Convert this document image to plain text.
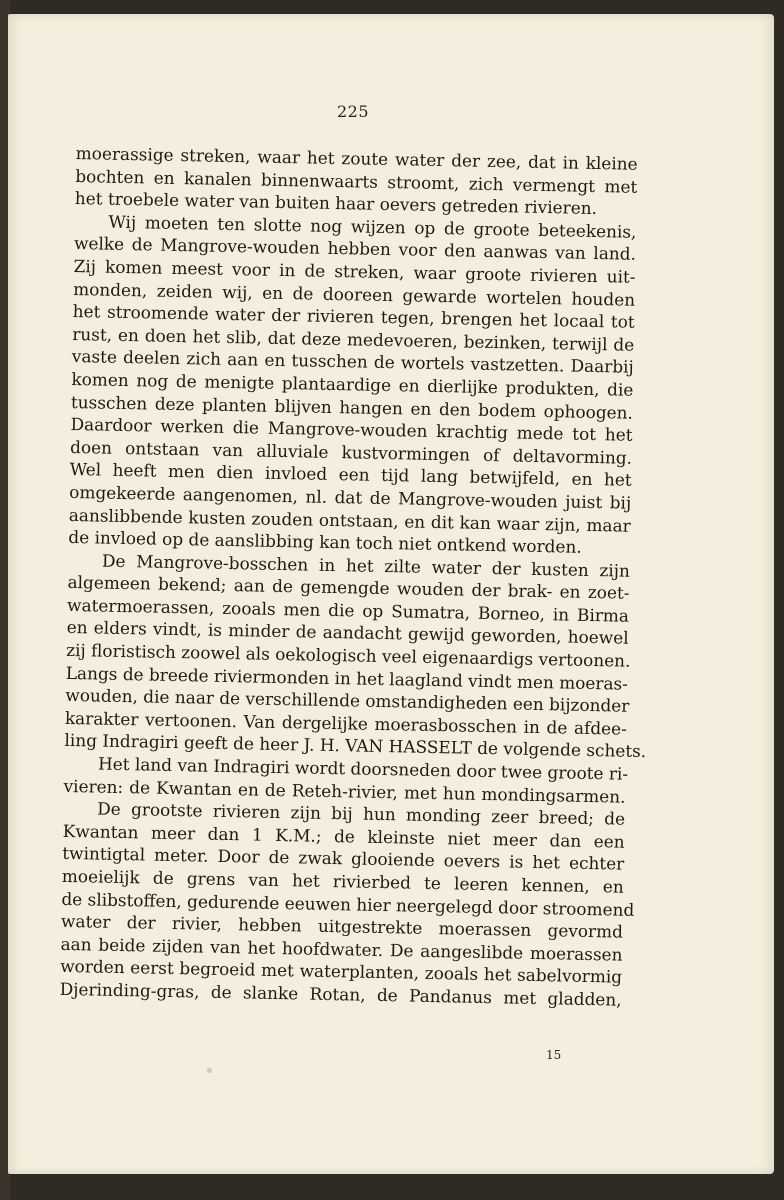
225
moerassige streken, waar het zoute water der zee, dat in kleine
bochten en kanalen binnenwaarts stroomt, zich vermengt met
het troebele water van buiten haar oevers getreden rivieren.
Wij moeten ten slotte nog wijzen op de groote beteekenis,
welke de Mangrove-wouden hebben voor den aanwas van land.
Zij komen meest voor in de streken, waar groote rivieren uit-
monden, zeiden wij, en de dooreen gewarde wortelen houden
het stroomende water der rivieren tegen, brengen het locaal tot
rust, en doen het slib, dat deze medevoeren, bezinken, terwijl de
vaste deelen zich aan en tusschen de wortels vastzetten. Daarbij
komen nog de menigte plantaardige en dierlijke produkten, die
tusschen deze planten blijven hangen en den bodem ophoogen.
Daardoor werken die Mangrove-wouden krachtig mede tot het
doen ontstaan van alluviale kustvormingen of deltavorming.
Wel heeft men dien invloed een tijd lang betwijfeld, en het
omgekeerde aangenomen, nl. dat de Mangrove-wouden juist bij
aanslibbende kusten zouden ontstaan, en dit kan waar zijn, maar
de invloed op de aanslibbing kan toch niet ontkend worden.
De Mangrove-bosschen in het zilte water der kusten zijn
algemeen bekend; aan de gemengde wouden der brak- en zoet-
watermoerassen, zooals men die op Sumatra, Borneo, in Birma
en elders vindt, is minder de aandacht gewijd geworden, hoewel
zij floristisch zoowel als oekologisch veel eigenaardigs vertoonen.
Langs de breede riviermonden in het laagland vindt men moeras-
wouden, die naar de verschillende omstandigheden een bijzonder
karakter vertoonen. Van dergelijke moerasbosschen in de afdee-
ling Indragiri geeft de heer J. H. VAN HASSELT de volgende schets.
Het land van Indragiri wordt doorsneden door twee groote ri-
vieren: de Kwantan en de Reteh-rivier, met hun mondingsarmen.
De grootste rivieren zijn bij hun monding zeer breed; de
Kwantan meer dan 1 K.M.; de kleinste niet meer dan een
twintigtal meter. Door de zwak glooiende oevers is het echter
moeielijk de grens van het rivierbed te leeren kennen, en
de slibstoffen, gedurende eeuwen hier neergelegd door stroomend
water der rivier, hebben uitgestrekte moerassen gevormd
aan beide zijden van het hoofdwater. De aangeslibde moerassen
worden eerst begroeid met waterplanten, zooals het sabelvormig
Djerinding-gras, de slanke Rotan, de Pandanus met gladden,
15
